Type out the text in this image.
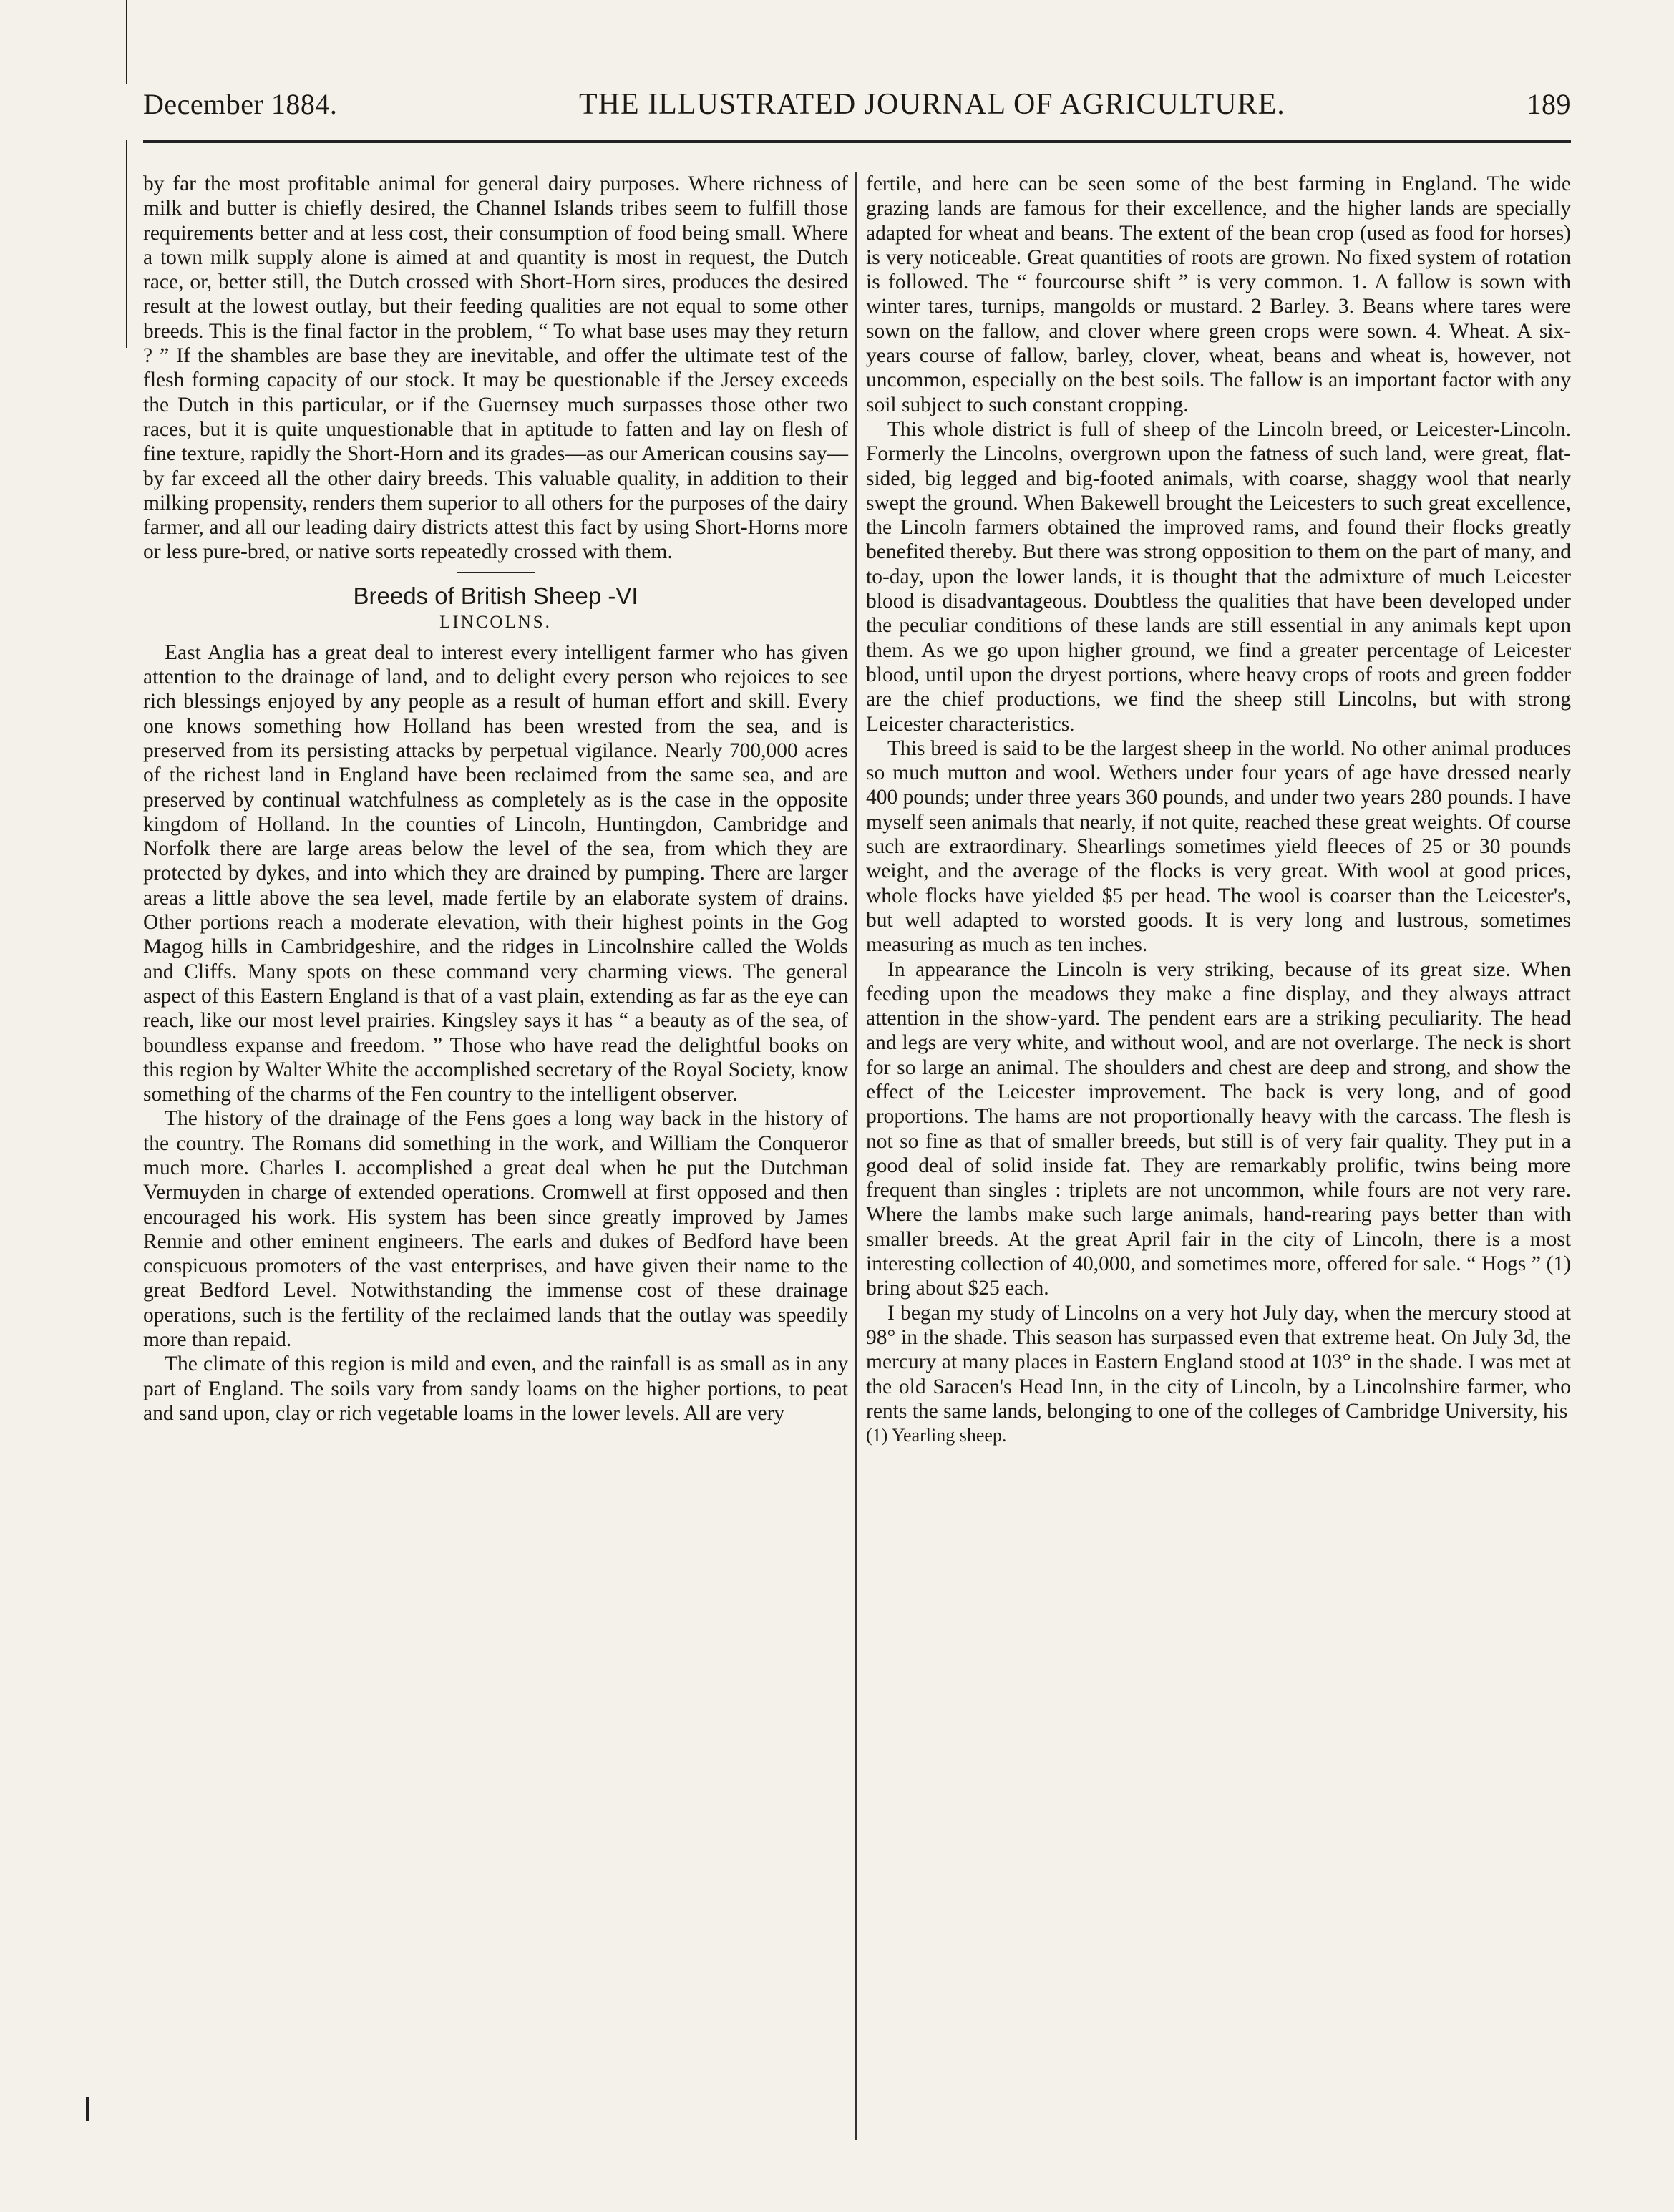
December 1884.	THE ILLUSTRATED JOURNAL OF AGRICULTURE.	189

by far the most profitable animal for general dairy purposes. Where richness of milk and butter is chiefly desired, the Channel Islands tribes seem to fulfill those requirements better and at less cost, their consumption of food being small. Where a town milk supply alone is aimed at and quantity is most in request, the Dutch race, or, better still, the Dutch crossed with Short-Horn sires, produces the desired result at the lowest outlay, but their feeding qualities are not equal to some other breeds. This is the final factor in the problem, “ To what base uses may they return ? ” If the shambles are base they are inevitable, and offer the ultimate test of the flesh forming capacity of our stock. It may be questionable if the Jersey exceeds the Dutch in this particular, or if the Guernsey much surpasses those other two races, but it is quite unquestionable that in aptitude to fatten and lay on flesh of fine texture, rapidly the Short-Horn and its grades—as our American cousins say—by far exceed all the other dairy breeds. This valuable quality, in addition to their milking propensity, renders them superior to all others for the purposes of the dairy farmer, and all our leading dairy districts attest this fact by using Short-Horns more or less pure-bred, or native sorts repeatedly crossed with them.

Breeds of British Sheep -VI
LINCOLNS.

East Anglia has a great deal to interest every intelligent farmer who has given attention to the drainage of land, and to delight every person who rejoices to see rich blessings enjoyed by any people as a result of human effort and skill. Every one knows something how Holland has been wrested from the sea, and is preserved from its persisting attacks by perpetual vigilance. Nearly 700,000 acres of the richest land in England have been reclaimed from the same sea, and are preserved by continual watchfulness as completely as is the case in the opposite kingdom of Holland. In the counties of Lincoln, Huntingdon, Cambridge and Norfolk there are large areas below the level of the sea, from which they are protected by dykes, and into which they are drained by pumping. There are larger areas a little above the sea level, made fertile by an elaborate system of drains. Other portions reach a moderate elevation, with their highest points in the Gog Magog hills in Cambridgeshire, and the ridges in Lincolnshire called the Wolds and Cliffs. Many spots on these command very charming views. The general aspect of this Eastern England is that of a vast plain, extending as far as the eye can reach, like our most level prairies. Kingsley says it has “ a beauty as of the sea, of boundless expanse and freedom. ” Those who have read the delightful books on this region by Walter White the accomplished secretary of the Royal Society, know something of the charms of the Fen country to the intelligent observer.

The history of the drainage of the Fens goes a long way back in the history of the country. The Romans did something in the work, and William the Conqueror much more. Charles I. accomplished a great deal when he put the Dutchman Vermuyden in charge of extended operations. Cromwell at first opposed and then encouraged his work. His system has been since greatly improved by James Rennie and other eminent engineers. The earls and dukes of Bedford have been conspicuous promoters of the vast enterprises, and have given their name to the great Bedford Level. Notwithstanding the immense cost of these drainage operations, such is the fertility of the reclaimed lands that the outlay was speedily more than repaid.

The climate of this region is mild and even, and the rainfall is as small as in any part of England. The soils vary from sandy loams on the higher portions, to peat and sand upon, clay or rich vegetable loams in the lower levels. All are very

fertile, and here can be seen some of the best farming in England. The wide grazing lands are famous for their excellence, and the higher lands are specially adapted for wheat and beans. The extent of the bean crop (used as food for horses) is very noticeable. Great quantities of roots are grown. No fixed system of rotation is followed. The “ fourcourse shift ” is very common. 1. A fallow is sown with winter tares, turnips, mangolds or mustard. 2 Barley. 3. Beans where tares were sown on the fallow, and clover where green crops were sown. 4. Wheat. A six-years course of fallow, barley, clover, wheat, beans and wheat is, however, not uncommon, especially on the best soils. The fallow is an important factor with any soil subject to such constant cropping.

This whole district is full of sheep of the Lincoln breed, or Leicester-Lincoln. Formerly the Lincolns, overgrown upon the fatness of such land, were great, flat-sided, big legged and big-footed animals, with coarse, shaggy wool that nearly swept the ground. When Bakewell brought the Leicesters to such great excellence, the Lincoln farmers obtained the improved rams, and found their flocks greatly benefited thereby. But there was strong opposition to them on the part of many, and to-day, upon the lower lands, it is thought that the admixture of much Leicester blood is disadvantageous. Doubtless the qualities that have been developed under the peculiar conditions of these lands are still essential in any animals kept upon them. As we go upon higher ground, we find a greater percentage of Leicester blood, until upon the dryest portions, where heavy crops of roots and green fodder are the chief productions, we find the sheep still Lincolns, but with strong Leicester characteristics.

This breed is said to be the largest sheep in the world. No other animal produces so much mutton and wool. Wethers under four years of age have dressed nearly 400 pounds; under three years 360 pounds, and under two years 280 pounds. I have myself seen animals that nearly, if not quite, reached these great weights. Of course such are extraordinary. Shearlings sometimes yield fleeces of 25 or 30 pounds weight, and the average of the flocks is very great. With wool at good prices, whole flocks have yielded $5 per head. The wool is coarser than the Leicester's, but well adapted to worsted goods. It is very long and lustrous, sometimes measuring as much as ten inches.

In appearance the Lincoln is very striking, because of its great size. When feeding upon the meadows they make a fine display, and they always attract attention in the show-yard. The pendent ears are a striking peculiarity. The head and legs are very white, and without wool, and are not overlarge. The neck is short for so large an animal. The shoulders and chest are deep and strong, and show the effect of the Leicester improvement. The back is very long, and of good proportions. The hams are not proportionally heavy with the carcass. The flesh is not so fine as that of smaller breeds, but still is of very fair quality. They put in a good deal of solid inside fat. They are remarkably prolific, twins being more frequent than singles : triplets are not uncommon, while fours are not very rare. Where the lambs make such large animals, hand-rearing pays better than with smaller breeds. At the great April fair in the city of Lincoln, there is a most interesting collection of 40,000, and sometimes more, offered for sale. “ Hogs ” (1) bring about $25 each.

I began my study of Lincolns on a very hot July day, when the mercury stood at 98° in the shade. This season has surpassed even that extreme heat. On July 3d, the mercury at many places in Eastern England stood at 103° in the shade. I was met at the old Saracen's Head Inn, in the city of Lincoln, by a Lincolnshire farmer, who rents the same lands, belonging to one of the colleges of Cambridge University, his

(1) Yearling sheep.
